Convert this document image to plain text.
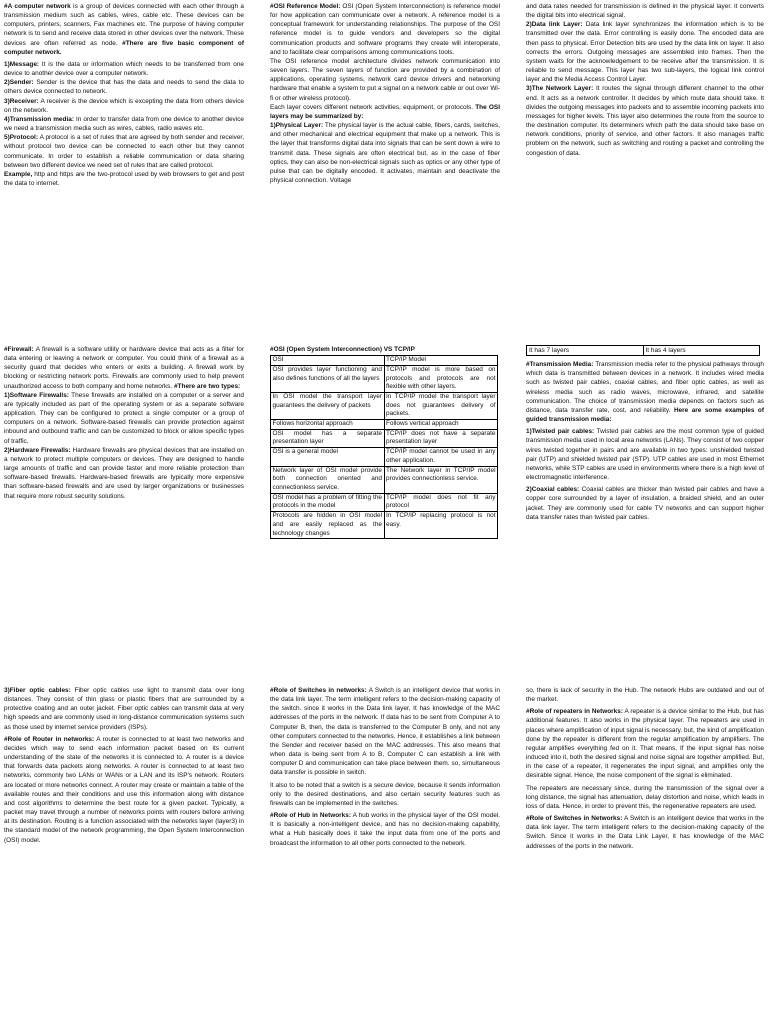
#A computer network is a group of devices connected with each other through a transmission medium such as cables, wires, cable etc. These devices can be computers, printers, scanners, Fax machines etc. The purpose of having computer network is to send and receive data stored in other devices over the network. These devices are often referred as node. #There are five basic component of computer network.

1)Message: It is the data or information which needs to be transferred from one device to another device over a computer network.

2)Sender: Sender is the device that has the data and needs to send the data to others device connected to network.

3)Receiver: A receiver is the device which is excepting the data from others device on the network.

4)Transmission media: In order to transfer data from one device to another device we need a transmission media such as wires, cables, radio waves etc.

5)Protocol: A protocol is a set of rules that are agreed by both sender and receiver, without protocol two device can be connected to each other but they cannot communicate. In order to establish a reliable communication or data sharing between two different device we need set of rules that are called protocol.

Example, http and https are the two-protocol used by web browsers to get and post the data to internet.

#OSI Reference Model: OSI (Open System Interconnection) is reference model for how application can communicate over a network. A reference model is a conceptual framework for understanding relationships. The purpose of the OSI reference model is to guide vendors and developers so the digital communication products and software programs they create will interoperate, and to facilitate clear comparisons among communications tools.

The OSI reference model architecture divides network communication into seven layers. The seven layers of function are provided by a combination of applications, operating systems, network card device drivers and networking hardware that enable a system to put a signal on a network cable or out over Wi-fi or other wireless protocol).

Each layer covers different network activities, equipment, or protocols. The OSI layers may be summarized by:

1)Physical Layer: The physical layer is the actual cable, fibers, cards, switches, and other mechanical and electrical equipment that make up a network. This is the layer that transforms digital data into signals that can be sent down a wire to transmit data. These signals are often electrical but, as in the case of fiber optics, they can also be non-electrical signals such as optics or any other type of pulse that can be digitally encoded. It activates, maintain and deactivate the physical connection. Voltage

and data rates needed for transmission is defined in the physical layer. it converts the digital bits into electrical signal.

2)Data link Layer: Data link layer synchronizes the information which is to be transmitted over the data. Error controlling is easily done. The encoded data are then pass to physical. Error Detection bits are used by the data link on layer. It also corrects the errors. Outgoing messages are assembled into frames. Then the system waits for the acknowledgement to be receive after the transmission. It is reliable to send message. This layer has two sub-layers, the logical link control layer and the Media Access Control Layer.

3)The Network Layer: It routes the signal through different channel to the other end. It acts as a network controller. It decides by which route data should take. It divides the outgoing messages into packets and to assemble incoming packets into messages for higher levels. This layer also determines the route from the source to the destination computer. Its determiners which path the data should take base on network conditions, priority of service, and other factors. It also manages traffic problem on the network, such as switching and routing a packet and controlling the congestion of data.

#Firewall: A firewall is a software utility or hardware device that acts as a filter for data entering or leaving a network or computer. You could think of a firewall as a security guard that decides who enters or exits a building. A firewall work by blocking or restricting network ports. Firewalls are commonly used to help prevent unauthorized access to both company and home networks. #There are two types:

1)Software Firewalls: These firewalls are installed on a computer or a server and are typically included as part of the operating system or as a separate software application. They can be configured to protect a single computer or a group of computers on a network. Software-based firewalls can provide protection against inbound and outbound traffic and can be customized to block or allow specific types of traffic.

2)Hardware Firewalls: Hardware firewalls are physical devices that are installed on a network to protect multiple computers or devices. They are designed to handle large amounts of traffic and can provide faster and more reliable protection than software-based firewalls. Hardware-based firewalls are typically more expensive than software-based firewalls and are used by larger organizations or businesses that require more robust security solutions.

#OSI (Open System Interconnection) VS TCP/IP
OSI	TCP/IP Model
OSI provides layer functioning and also defines functions of all the layers	TCP/IP model is more based on protocols and protocols are not flexible with other layers.
In OSI model the transport layer guarantees the delivery of packets	In TCP/IP model the transport layer does not guarantees delivery of packets.
Follows horizontal approach	Follows vertical approach
OSI model has a separate presentation layer	TCP/IP does not have a separate presentation layer
OSI is a general model	TCP/IP model cannot be used in any other application.
Network layer of OSI model provide both connection oriented and connectionless service.	The Network layer in TCP/IP model provides connectionless service.
OSI model has a problem of fitting the protocols in the model	TCP/IP model does not fit any protocol
Protocols are hidden in OSI model and are easily replaced as the technology changes	In TCP/IP replacing protocol is not easy.
It has 7 layers	It has 4 layers

#Transmission Media: Transmission media refer to the physical pathways through which data is transmitted between devices in a network. It includes wired media such as twisted pair cables, coaxial cables, and fiber optic cables, as well as wireless media such as radio waves, microwave, infrared, and satellite communication. The choice of transmission media depends on factors such as distance, data transfer rate, cost, and reliability. Here are some examples of guided transmission media:

1)Twisted pair cables: Twisted pair cables are the most common type of guided transmission media used in local area networks (LANs). They consist of two copper wires twisted together in pairs and are available in two types: unshielded twisted pair (UTP) and shielded twisted pair (STP). UTP cables are used in most Ethernet networks, while STP cables are used in environments where there is a high level of electromagnetic interference.

2)Coaxial cables: Coaxial cables are thicker than twisted pair cables and have a copper core surrounded by a layer of insulation, a braided shield, and an outer jacket. They are commonly used for cable TV networks and can support higher data transfer rates than twisted pair cables.

3)Fiber optic cables: Fiber optic cables use light to transmit data over long distances. They consist of thin glass or plastic fibers that are surrounded by a protective coating and an outer jacket. Fiber optic cables can transmit data at very high speeds and are commonly used in long-distance communication systems such as those used by internet service providers (ISPs).

#Role of Router in networks: A router is connected to at least two networks and decides which way to send each information packet based on its current understanding of the state of the networks it is connected to. A router is a device that forwards data packets along networks. A router is connected to at least two networks, commonly two LANs or WANs or a LAN and its ISP's network. Routers are located or more networks connect. A router may create or maintain a table of the available routes and their conditions and use this information along with distance and cost algorithms to determine the best route for a given packet. Typically, a packet may travel through a number of networks points with routers before arriving at its destination. Routing is a function associated with the networks layer (layer3) in the standard model of the network programming, the Open System Interconnection (OSI) model.

#Role of Switches in networks: A Switch is an intelligent device that works in the data link layer. The term intelligent refers to the decision-making capacity of the switch. since it works in the Data link layer, It has knowledge of the MAC addresses of the ports in the network. If data has to be sent from Computer A to Computer B, then, the data is transferred to the Computer B only, and not any other computers connected to the networks. Hence, it establishes a link between the Sender and receiver based on the MAC addresses. This also means that when data is being sent from A to B, Computer C can establish a link with computer D and communication can take place between them. so, simultaneous data transfer is possible in switch.

It also to be noted that a switch is a secure device, because it sends information only to the desired destinations, and also certain security features such as firewalls can be implemented in the switches.

#Role of Hub in Networks: A hub works in the physical layer of the OSI model. It is basically a non-intelligent device, and has no decision-making capability, what a Hub basically does it take the input data from one of the ports and broadcast the information to all other ports connected to the network.

so, there is lack of security in the Hub. The network Hubs are outdated and out of the market.

#Role of repeaters in Networks: A repeater is a device similar to the Hub, but has additional features. It also works in the physical layer. The repeaters are used in places where amplification of input signal is necessary. but, the kind of amplification done by the repeater is different from the regular amplification by amplifiers. The regular amplifies everything fed on it. That means, If the input signal has noise induced into it, both the desired signal and noise signal are together amplified. But, in the case of a repeater, it regenerates the input signal, and amplifies only the desirable signal. Hence, the noise component of the signal is eliminated.

The repeaters are necessary since, during the transmission of the signal over a long distance, the signal has attenuation, delay distortion and noise, which leads in loss of data. Hence, in order to prevent this, the regenerative repeaters are used.

#Role of Switches in Networks: A Switch is an intelligent device that works in the data link layer. The term intelligent refers to the decision-making capacity of the Switch. Since it works in the Data Link Layer, it has knowledge of the MAC addresses of the ports in the network.
